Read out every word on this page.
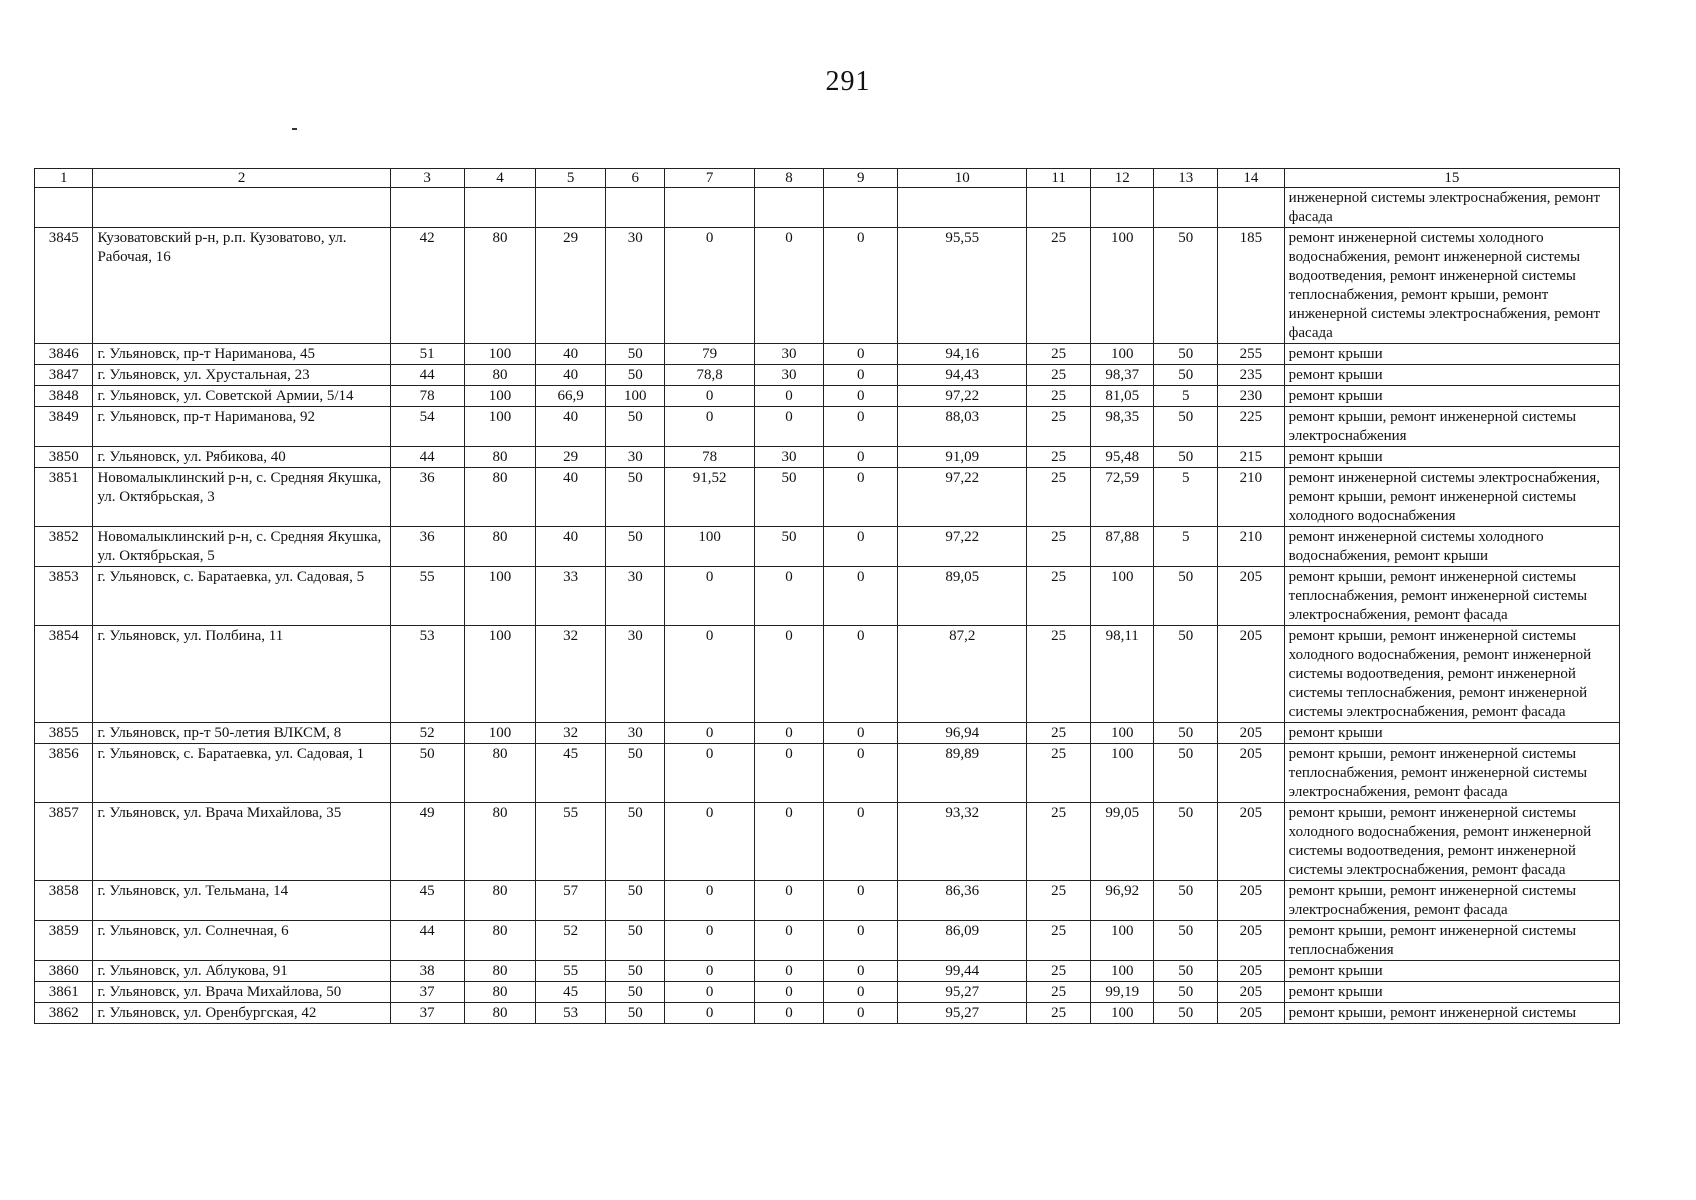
291
1	2	3	4	5	6	7	8	9	10	11	12	13	14	15
														инженерной системы электроснабжения, ремонт фасада
3845	Кузоватовский р-н, р.п. Кузоватово, ул. Рабочая, 16	42	80	29	30	0	0	0	95,55	25	100	50	185	ремонт инженерной системы холодного водоснабжения, ремонт инженерной системы водоотведения, ремонт инженерной системы теплоснабжения, ремонт крыши, ремонт инженерной системы электроснабжения, ремонт фасада
3846	г. Ульяновск, пр-т Нариманова, 45	51	100	40	50	79	30	0	94,16	25	100	50	255	ремонт крыши
3847	г. Ульяновск, ул. Хрустальная, 23	44	80	40	50	78,8	30	0	94,43	25	98,37	50	235	ремонт крыши
3848	г. Ульяновск, ул. Советской Армии, 5/14	78	100	66,9	100	0	0	0	97,22	25	81,05	5	230	ремонт крыши
3849	г. Ульяновск, пр-т Нариманова, 92	54	100	40	50	0	0	0	88,03	25	98,35	50	225	ремонт крыши, ремонт инженерной системы электроснабжения
3850	г. Ульяновск, ул. Рябикова, 40	44	80	29	30	78	30	0	91,09	25	95,48	50	215	ремонт крыши
3851	Новомалыклинский р-н, с. Средняя Якушка, ул. Октябрьская, 3	36	80	40	50	91,52	50	0	97,22	25	72,59	5	210	ремонт инженерной системы электроснабжения, ремонт крыши, ремонт инженерной системы холодного водоснабжения
3852	Новомалыклинский р-н, с. Средняя Якушка, ул. Октябрьская, 5	36	80	40	50	100	50	0	97,22	25	87,88	5	210	ремонт инженерной системы холодного водоснабжения, ремонт крыши
3853	г. Ульяновск, с. Баратаевка, ул. Садовая, 5	55	100	33	30	0	0	0	89,05	25	100	50	205	ремонт крыши, ремонт инженерной системы теплоснабжения, ремонт инженерной системы электроснабжения, ремонт фасада
3854	г. Ульяновск, ул. Полбина, 11	53	100	32	30	0	0	0	87,2	25	98,11	50	205	ремонт крыши, ремонт инженерной системы холодного водоснабжения, ремонт инженерной системы водоотведения, ремонт инженерной системы теплоснабжения, ремонт инженерной системы электроснабжения, ремонт фасада
3855	г. Ульяновск, пр-т 50-летия ВЛКСМ, 8	52	100	32	30	0	0	0	96,94	25	100	50	205	ремонт крыши
3856	г. Ульяновск, с. Баратаевка, ул. Садовая, 1	50	80	45	50	0	0	0	89,89	25	100	50	205	ремонт крыши, ремонт инженерной системы теплоснабжения, ремонт инженерной системы электроснабжения, ремонт фасада
3857	г. Ульяновск, ул. Врача Михайлова, 35	49	80	55	50	0	0	0	93,32	25	99,05	50	205	ремонт крыши, ремонт инженерной системы холодного водоснабжения, ремонт инженерной системы водоотведения, ремонт инженерной системы электроснабжения, ремонт фасада
3858	г. Ульяновск, ул. Тельмана, 14	45	80	57	50	0	0	0	86,36	25	96,92	50	205	ремонт крыши, ремонт инженерной системы электроснабжения, ремонт фасада
3859	г. Ульяновск, ул. Солнечная, 6	44	80	52	50	0	0	0	86,09	25	100	50	205	ремонт крыши, ремонт инженерной системы теплоснабжения
3860	г. Ульяновск, ул. Аблукова, 91	38	80	55	50	0	0	0	99,44	25	100	50	205	ремонт крыши
3861	г. Ульяновск, ул. Врача Михайлова, 50	37	80	45	50	0	0	0	95,27	25	99,19	50	205	ремонт крыши
3862	г. Ульяновск, ул. Оренбургская, 42	37	80	53	50	0	0	0	95,27	25	100	50	205	ремонт крыши, ремонт инженерной системы
